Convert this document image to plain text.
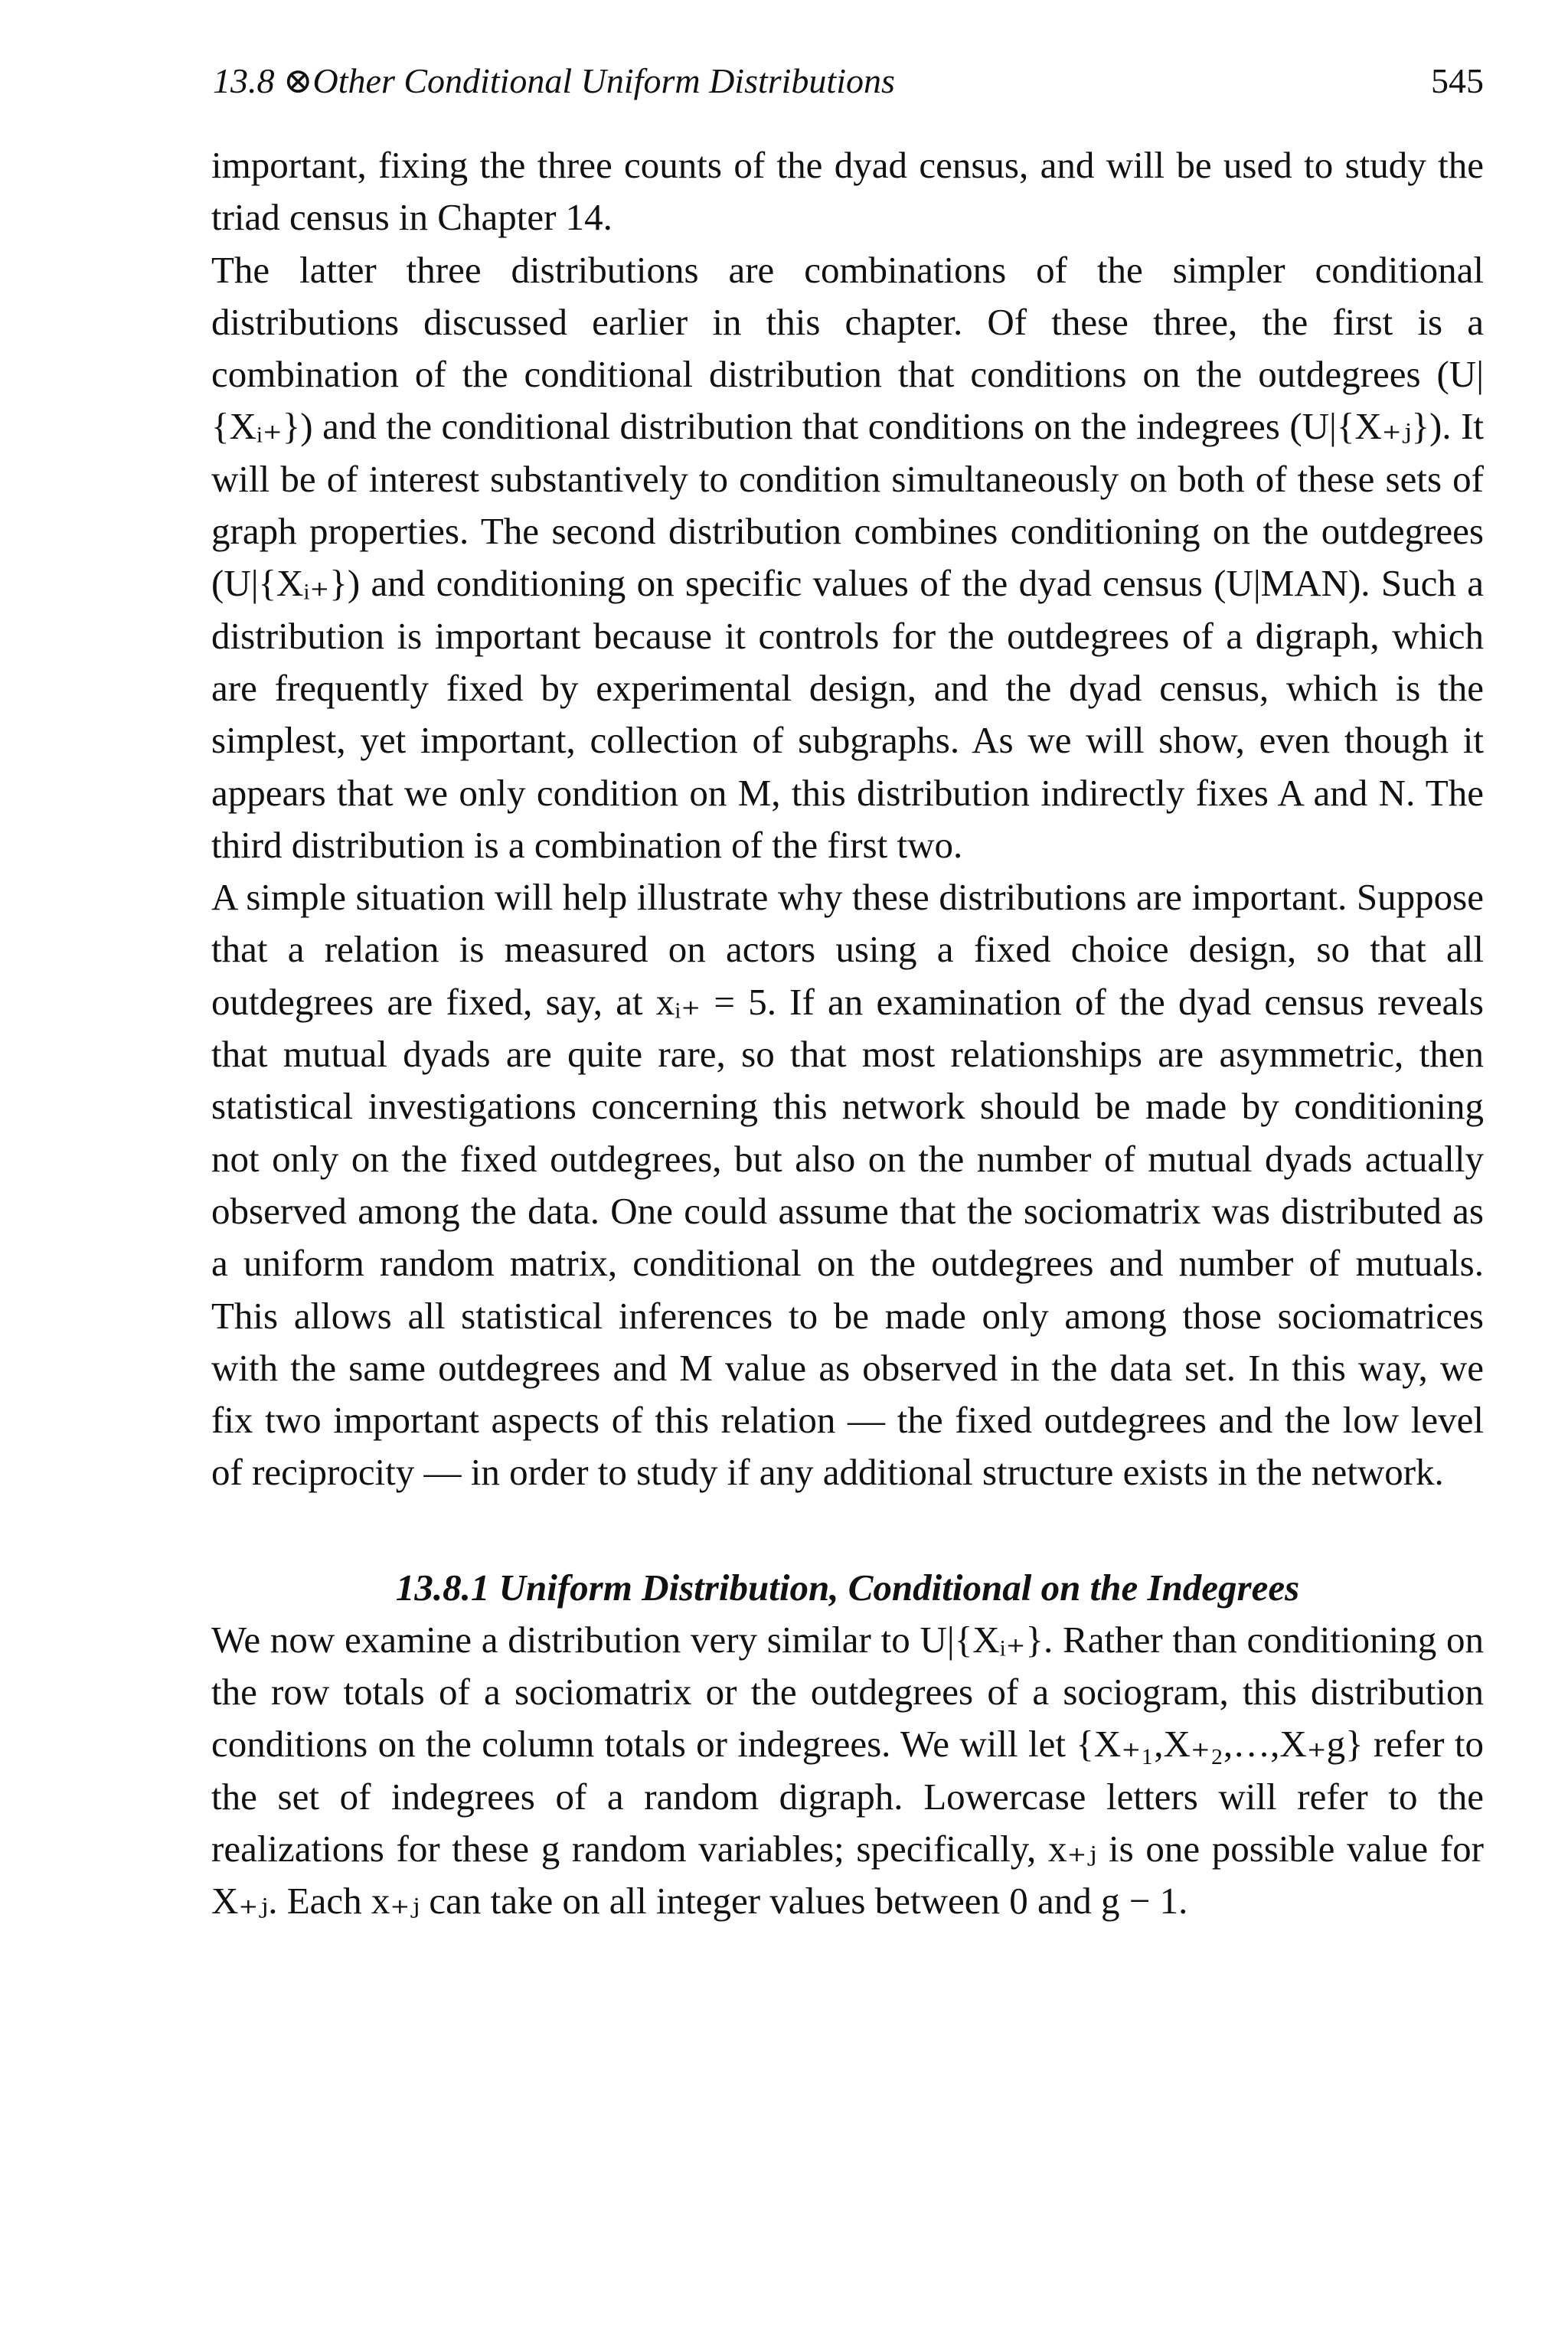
13.8 ⊗Other Conditional Uniform Distributions	545

important, fixing the three counts of the dyad census, and will be used to study the triad census in Chapter 14.

The latter three distributions are combinations of the simpler conditional distributions discussed earlier in this chapter. Of these three, the first is a combination of the conditional distribution that conditions on the outdegrees (U|{Xᵢ₊}) and the conditional distribution that conditions on the indegrees (U|{X₊ⱼ}). It will be of interest substantively to condition simultaneously on both of these sets of graph properties. The second distribution combines conditioning on the outdegrees (U|{Xᵢ₊}) and conditioning on specific values of the dyad census (U|MAN). Such a distribution is important because it controls for the outdegrees of a digraph, which are frequently fixed by experimental design, and the dyad census, which is the simplest, yet important, collection of subgraphs. As we will show, even though it appears that we only condition on M, this distribution indirectly fixes A and N. The third distribution is a combination of the first two.

A simple situation will help illustrate why these distributions are important. Suppose that a relation is measured on actors using a fixed choice design, so that all outdegrees are fixed, say, at xᵢ₊ = 5. If an examination of the dyad census reveals that mutual dyads are quite rare, so that most relationships are asymmetric, then statistical investigations concerning this network should be made by conditioning not only on the fixed outdegrees, but also on the number of mutual dyads actually observed among the data. One could assume that the sociomatrix was distributed as a uniform random matrix, conditional on the outdegrees and number of mutuals. This allows all statistical inferences to be made only among those sociomatrices with the same outdegrees and M value as observed in the data set. In this way, we fix two important aspects of this relation — the fixed outdegrees and the low level of reciprocity — in order to study if any additional structure exists in the network.

13.8.1 Uniform Distribution, Conditional on the Indegrees

We now examine a distribution very similar to U|{Xᵢ₊}. Rather than conditioning on the row totals of a sociomatrix or the outdegrees of a sociogram, this distribution conditions on the column totals or indegrees. We will let {X₊₁,X₊₂,…,X₊g} refer to the set of indegrees of a random digraph. Lowercase letters will refer to the realizations for these g random variables; specifically, x₊ⱼ is one possible value for X₊ⱼ. Each x₊ⱼ can take on all integer values between 0 and g − 1.
